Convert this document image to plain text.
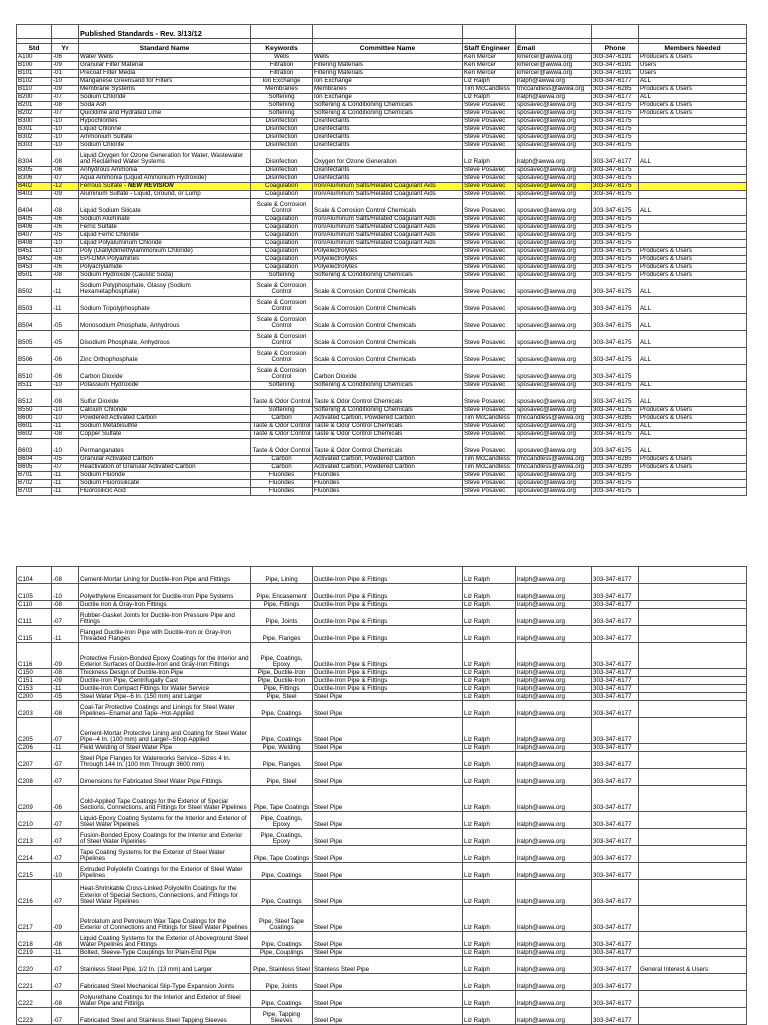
		Published Standards - Rev. 3/13/12						

Std	Yr	Standard Name	Keywords	Committee Name	Staff Engineer	Email	Phone	Members Needed
A100	-06	Water Wells	Wells	Wells	Ken Mercer	kmercer@awwa.org	303-347-6191	Producers & Users
B100	-09	Granular Filter Material	Filtration	Filtering Materials	Ken Mercer	kmercer@awwa.org	303-347-6191	Users
B101	-01	Precoat Filter Media	Filtration	Filtering Materials	Ken Mercer	kmercer@awwa.org	303-347-6191	Users
B102	-10	Manganese Greensand for Filters	Ion Exchange	Ion Exchange	Liz Ralph	lralph@awwa.org	303-347-6177	ALL
B110	-09	Membrane Systems	Membranes	Membranes	Tim McCandless	tmccandless@awwa.org	303-347-6285	Producers & Users
B200	-07	Sodium Chloride	Softening	Ion Exchange	Liz Ralph	lralph@awwa.org	303-347-6177	ALL
B201	-08	Soda Ash	Softening	Softening & Conditioning Chemicals	Steve Posavec	sposavec@awwa.org	303-347-6175	Producers & Users
B202	-07	Quicklime and Hydrated Lime	Softening	Softening & Conditioning Chemicals	Steve Posavec	sposavec@awwa.org	303-347-6175	Producers & Users
B300	-10	Hypochlorites	Disinfection	Disinfectants	Steve Posavec	sposavec@awwa.org	303-347-6175	
B301	-10	Liquid Chlorine	Disinfection	Disinfectants	Steve Posavec	sposavec@awwa.org	303-347-6175	
B302	-10	Ammonium Sulfate	Disinfection	Disinfectants	Steve Posavec	sposavec@awwa.org	303-347-6175	
B303	-10	Sodium Chlorite	Disinfection	Disinfectants	Steve Posavec	sposavec@awwa.org	303-347-6175	
B304	-08	Liquid Oxygen for Ozone Generation for Water, Wastewater and Reclaimed Water Systems	Disinfection	Oxygen for Ozone Generation	Liz Ralph	lralph@awwa.org	303-347-6177	ALL
B305	-06	Anhydrous Ammonia	Disinfection	Disinfectants	Steve Posavec	sposavec@awwa.org	303-347-6175	
B306	-07	Aqua Ammonia (Liquid Ammonium Hydroxide)	Disinfection	Disinfectants	Steve Posavec	sposavec@awwa.org	303-347-6175	
B402	-12	Ferrous Sulfate - NEW REVISION	Coagulation	Iron/Aluminum Salts/Related Coagulant Aids	Steve Posavec	sposavec@awwa.org	303-347-6175	
B403	-09	Aluminum Sulfate - Liquid, Ground, or Lump	Coagulation	Iron/Aluminum Salts/Related Coagulant Aids	Steve Posavec	sposavec@awwa.org	303-347-6175	
B404	-08	Liquid Sodium Silicate	Scale & Corrosion Control	Scale & Corrosion Control Chemicals	Steve Posavec	sposavec@awwa.org	303-347-6175	ALL
B405	-06	Sodium Aluminate	Coagulation	Iron/Aluminum Salts/Related Coagulant Aids	Steve Posavec	sposavec@awwa.org	303-347-6175	
B406	-06	Ferric Sulfate	Coagulation	Iron/Aluminum Salts/Related Coagulant Aids	Steve Posavec	sposavec@awwa.org	303-347-6175	
B407	-05	Liquid Ferric Chloride	Coagulation	Iron/Aluminum Salts/Related Coagulant Aids	Steve Posavec	sposavec@awwa.org	303-347-6175	
B408	-10	Liquid Polyaluminum Chloride	Coagulation	Iron/Aluminum Salts/Related Coagulant Aids	Steve Posavec	sposavec@awwa.org	303-347-6175	
B451	-10	Poly (Diallyldimethylammonium Chloride)	Coagulation	Polyelectrolytes	Steve Posavec	sposavec@awwa.org	303-347-6175	Producers & Users
B452	-06	EPI-DMA Polyamines	Coagulation	Polyelectrolytes	Steve Posavec	sposavec@awwa.org	303-347-6175	Producers & Users
B453	-06	Polyacrylamide	Coagulation	Polyelectrolytes	Steve Posavec	sposavec@awwa.org	303-347-6175	Producers & Users
B501	-08	Sodium Hydroxide (Caustic Soda)	Softening	Softening & Conditioning Chemicals	Steve Posavec	sposavec@awwa.org	303-347-6175	Producers & Users
B502	-11	Sodium Polyphosphate, Glassy (Sodium Hexametaphosphate)	Scale & Corrosion Control	Scale & Corrosion Control Chemicals	Steve Posavec	sposavec@awwa.org	303-347-6175	ALL
B503	-11	Sodium Tripolyphosphate	Scale & Corrosion Control	Scale & Corrosion Control Chemicals	Steve Posavec	sposavec@awwa.org	303-347-6175	ALL
B504	-05	Monosodium Phosphate, Anhydrous	Scale & Corrosion Control	Scale & Corrosion Control Chemicals	Steve Posavec	sposavec@awwa.org	303-347-6175	ALL
B505	-05	Disodium Phosphate, Anhydrous	Scale & Corrosion Control	Scale & Corrosion Control Chemicals	Steve Posavec	sposavec@awwa.org	303-347-6175	ALL
B506	-06	Zinc Orthophosphate	Scale & Corrosion Control	Scale & Corrosion Control Chemicals	Steve Posavec	sposavec@awwa.org	303-347-6175	ALL
B510	-06	Carbon Dioxide	Scale & Corrosion Control	Carbon Dioxide	Steve Posavec	sposavec@awwa.org	303-347-6175	
B511	-10	Potassium Hydroxide	Softening	Softening & Conditioning Chemicals	Steve Posavec	sposavec@awwa.org	303-347-6175	ALL
B512	-08	Sulfur Dioxide	Taste & Odor Control	Taste & Odor Control Chemicals	Steve Posavec	sposavec@awwa.org	303-347-6175	ALL
B550	-10	Calcium Chloride	Softening	Softening & Conditioning Chemicals	Steve Posavec	sposavec@awwa.org	303-347-6175	Producers & Users
B600	-10	Powdered Activated Carbon	Carbon	Activated Carbon, Powdered Carbon	Tim McCandless	tmccandless@awwa.org	303-347-6285	Producers & Users
B601	-11	Sodium Metabisulfite	Taste & Odor Control	Taste & Odor Control Chemicals	Steve Posavec	sposavec@awwa.org	303-347-6175	ALL
B602	-08	Copper Sulfate	Taste & Odor Control	Taste & Odor Control Chemicals	Steve Posavec	sposavec@awwa.org	303-347-6175	ALL
B603	-10	Permanganates	Taste & Odor Control	Taste & Odor Control Chemicals	Steve Posavec	sposavec@awwa.org	303-347-6175	ALL
B604	-05	Granular Activated Carbon	Carbon	Activated Carbon, Powdered Carbon	Tim McCandless	tmccandless@awwa.org	303-347-6285	Producers & Users
B605	-07	Reactivation of Granular Activated Carbon	Carbon	Activated Carbon, Powdered Carbon	Tim McCandless	tmccandless@awwa.org	303-347-6285	Producers & Users
B701	-11	Sodium Fluoride	Fluorides	Fluorides	Steve Posavec	sposavec@awwa.org	303-347-6175	
B702	-11	Sodium Fluorosilicate	Fluorides	Fluorides	Steve Posavec	sposavec@awwa.org	303-347-6175	
B703	-11	Fluorosilicic Acid	Fluorides	Fluorides	Steve Posavec	sposavec@awwa.org	303-347-6175	
C104	-08	Cement-Mortar Lining for Ductile-Iron Pipe and Fittings	Pipe, Lining	Ductile-Iron Pipe & Fittings	Liz Ralph	lralph@awwa.org	303-347-6177	
C105	-10	Polyethylene Encasement for Ductile-Iron Pipe Systems	Pipe, Encasement	Ductile-Iron Pipe & Fittings	Liz Ralph	lralph@awwa.org	303-347-6177	
C110	-08	Ductile Iron & Gray-Iron Fittings	Pipe, Fittings	Ductile-Iron Pipe & Fittings	Liz Ralph	lralph@awwa.org	303-347-6177	
C111	-07	Rubber-Gasket Joints for Ductile-Iron Pressure Pipe and Fittings	Pipe, Joints	Ductile-Iron Pipe & Fittings	Liz Ralph	lralph@awwa.org	303-347-6177	
C115	-11	Flanged Ductile-Iron Pipe with Ductile-Iron or Gray-Iron Threaded Flanges	Pipe, Flanges	Ductile-Iron Pipe & Fittings	Liz Ralph	lralph@awwa.org	303-347-6177	
C116	-09	Protective Fusion-Bonded Epoxy Coatings for the Interior and Exterior Surfaces of Ductile-Iron and Gray-Iron Fittings	Pipe, Coatings, Epoxy	Ductile-Iron Pipe & Fittings	Liz Ralph	lralph@awwa.org	303-347-6177	
C150	-08	Thickness Design of Ductile-Iron Pipe	Pipe, Ductile-Iron	Ductile-Iron Pipe & Fittings	Liz Ralph	lralph@awwa.org	303-347-6177	
C151	-09	Ductile-Iron Pipe, Centrifugally Cast	Pipe, Ductile-Iron	Ductile-Iron Pipe & Fittings	Liz Ralph	lralph@awwa.org	303-347-6177	
C153	-11	Ductile-Iron Compact Fittings for Water Service	Pipe, Fittings	Ductile-Iron Pipe & Fittings	Liz Ralph	lralph@awwa.org	303-347-6177	
C200	-05	Steel Water Pipe--6 In. (150 mm) and Larger	Pipe, Steel	Steel Pipe	Liz Ralph	lralph@awwa.org	303-347-6177	
C203	-08	Coal-Tar Protective Coatings and Linings for Steel Water Pipelines--Enamel and Tape--Hot-Applied	Pipe, Coatings	Steel Pipe	Liz Ralph	lralph@awwa.org	303-347-6177	
C205	-07	Cement-Mortar Protective Lining and Coating for Steel Water Pipe--4 In. (100 mm) and Larger--Shop Applied	Pipe, Coatings	Steel Pipe	Liz Ralph	lralph@awwa.org	303-347-6177	
C206	-11	Field Welding of Steel Water Pipe	Pipe, Welding	Steel Pipe	Liz Ralph	lralph@awwa.org	303-347-6177	
C207	-07	Steel Pipe Flanges for Waterworks Service--Sizes 4 In. Through 144 In. (100 mm Through 3600 mm)	Pipe, Flanges	Steel Pipe	Liz Ralph	lralph@awwa.org	303-347-6177	
C208	-07	Dimensions for Fabricated Steel Water Pipe Fittings	Pipe, Steel	Steel Pipe	Liz Ralph	lralph@awwa.org	303-347-6177	
C209	-06	Cold-Applied Tape Coatings for the Exterior of Special Sections, Connections, and Fittings for Steel Water Pipelines	Pipe, Tape Coatings	Steel Pipe	Liz Ralph	lralph@awwa.org	303-347-6177	
C210	-07	Liquid-Epoxy Coating Systems for the Interior and Exterior of Steel Water Pipelines	Pipe, Coatings, Epoxy	Steel Pipe	Liz Ralph	lralph@awwa.org	303-347-6177	
C213	-07	Fusion-Bonded Epoxy Coatings for the Interior and Exterior of Steel Water Pipelines	Pipe, Coatings, Epoxy	Steel Pipe	Liz Ralph	lralph@awwa.org	303-347-6177	
C214	-07	Tape Coating Systems for the Exterior of Steel Water Pipelines	Pipe, Tape Coatings	Steel Pipe	Liz Ralph	lralph@awwa.org	303-347-6177	
C215	-10	Extruded Polyolefin Coatings for the Exterior of Steel Water Pipelines	Pipe, Coatings	Steel Pipe	Liz Ralph	lralph@awwa.org	303-347-6177	
C216	-07	Heat-Shrinkable Cross-Linked Polyolefin Coatings for the Exterior of Special Sections, Connections, and Fittings for Steel Water Pipelines	Pipe, Coatings	Steel Pipe	Liz Ralph	lralph@awwa.org	303-347-6177	
C217	-09	Petrolatum and Petroleum Wax Tape Coatings for the Exterior of Connections and Fittings for Steel Water Pipelines	Pipe, Steel Tape Coatings	Steel Pipe	Liz Ralph	lralph@awwa.org	303-347-6177	
C218	-08	Liquid Coating Systems for the Exterior of Aboveground Steel Water Pipelines and Fittings	Pipe, Coatings	Steel Pipe	Liz Ralph	lralph@awwa.org	303-347-6177	
C219	-11	Bolted, Sleeve-Type Couplings for Plain-End Pipe	Pipe, Couplings	Steel Pipe	Liz Ralph	lralph@awwa.org	303-347-6177	
C220	-07	Stainless Steel Pipe, 1/2 In. (13 mm) and Larger	Pipe, Stainless Steel	Stainless Steel Pipe	Liz Ralph	lralph@awwa.org	303-347-6177	General Interest & Users
C221	-07	Fabricated Steel Mechanical Slip-Type Expansion Joints	Pipe, Joints	Steel Pipe	Liz Ralph	lralph@awwa.org	303-347-6177	
C222	-08	Polyurethane Coatings for the Interior and Exterior of Steel Water Pipe and Fittings	Pipe, Coatings	Steel Pipe	Liz Ralph	lralph@awwa.org	303-347-6177	
C223	-07	Fabricated Steel and Stainless Steel Tapping Sleeves	Pipe, Tapping Sleeves	Steel Pipe	Liz Ralph	lralph@awwa.org	303-347-6177	
